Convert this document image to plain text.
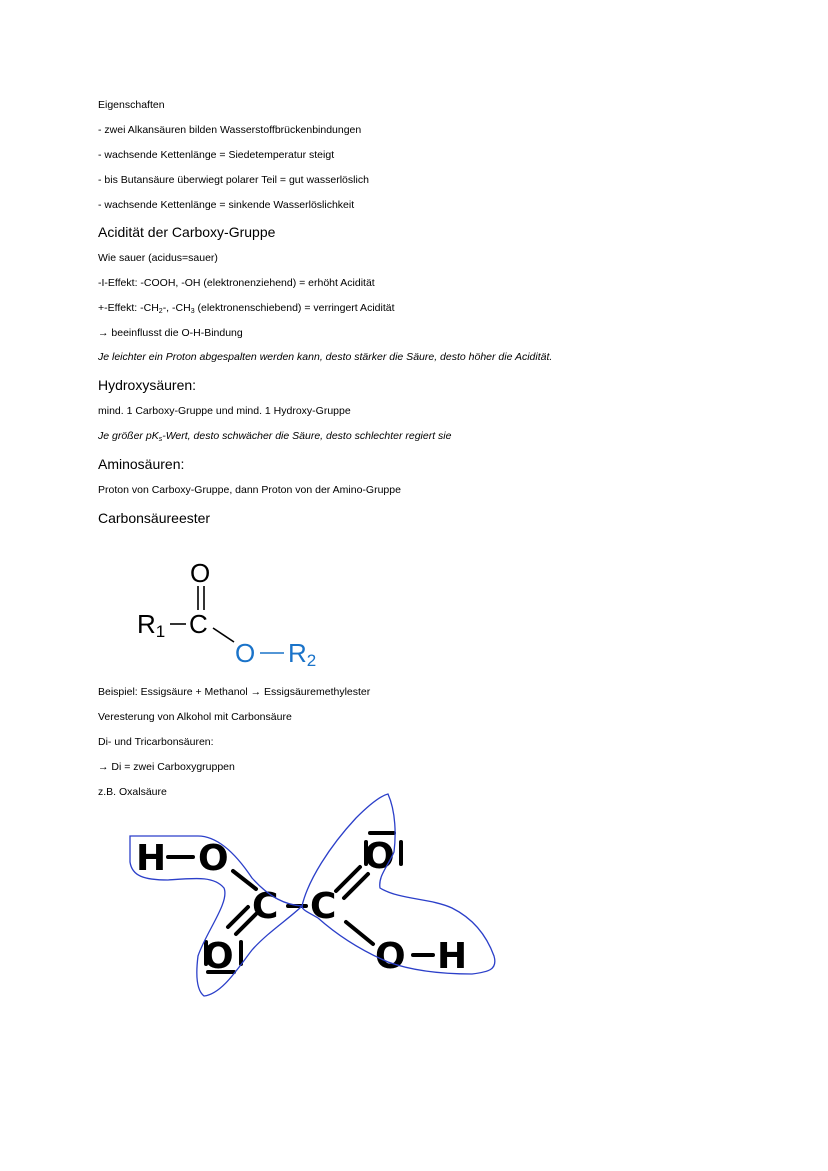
Eigenschaften
- zwei Alkansäuren bilden Wasserstoffbrückenbindungen
- wachsende Kettenlänge = Siedetemperatur steigt
- bis Butansäure überwiegt polarer Teil = gut wasserlöslich
- wachsende Kettenlänge = sinkende Wasserlöslichkeit
Acidität der Carboxy-Gruppe
Wie sauer (acidus=sauer)
-I-Effekt: -COOH, -OH (elektronenziehend) = erhöht Acidität
+-Effekt: $-CH_2-$, $-CH_3$ (elektronenschiebend) = verringert Acidität
→ beeinflusst die O-H-Bindung
Je leichter ein Proton abgespalten werden kann, desto stärker die Säure, desto höher die Acidität.
Hydroxysäuren:
mind. 1 Carboxy-Gruppe und mind. 1 Hydroxy-Gruppe
Je größer $pK_s$-Wert, desto schwächer die Säure, desto schlechter regiert sie
Aminosäuren:
Proton von Carboxy-Gruppe, dann Proton von der Amino-Gruppe
Carbonsäureester
Beispiel: Essigsäure + Methanol → Essigsäuremethylester
Veresterung von Alkohol mit Carbonsäure
Di- und Tricarbonsäuren:
→ Di = zwei Carboxygruppen
z.B. Oxalsäure
O
R1 C
O R2
H O
C
O
O
C
O H
